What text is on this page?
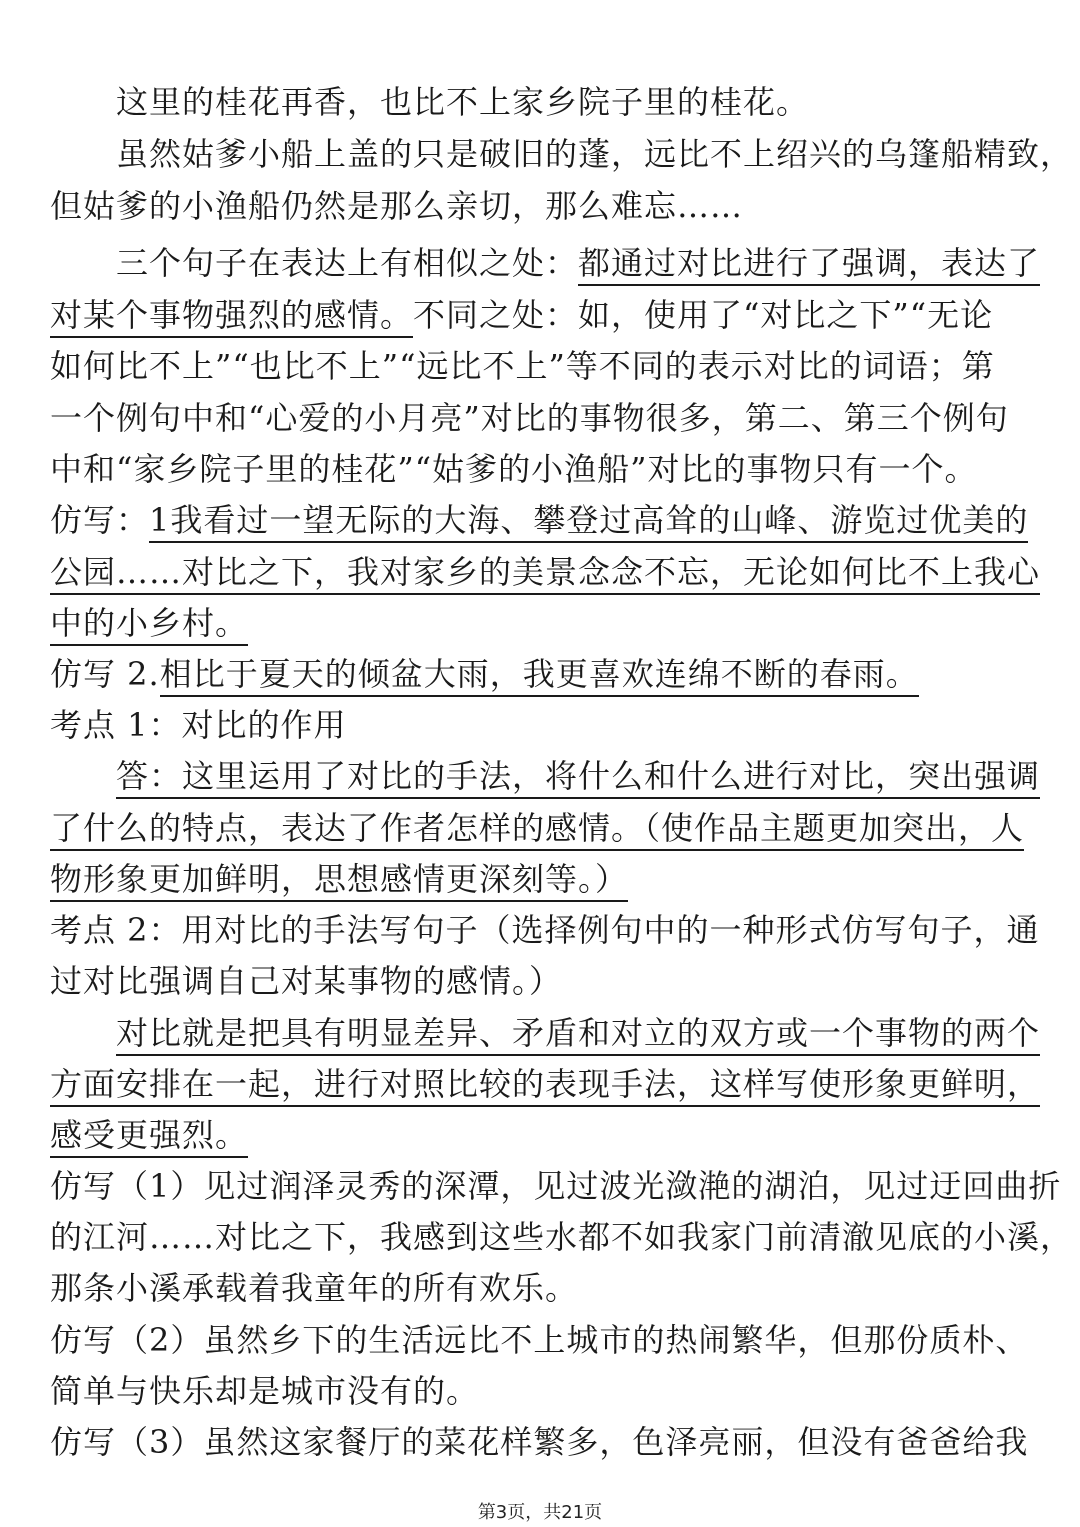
这里的桂花再香，也比不上家乡院子里的桂花。
虽然姑爹小船上盖的只是破旧的蓬，远比不上绍兴的乌篷船精致，
但姑爹的小渔船仍然是那么亲切，那么难忘……
三个句子在表达上有相似之处：都通过对比进行了强调，表达了
对某个事物强烈的感情。不同之处：如，使用了“对比之下”“无论
如何比不上”“也比不上”“远比不上”等不同的表示对比的词语；第
一个例句中和“心爱的小月亮”对比的事物很多，第二、第三个例句
中和“家乡院子里的桂花”“姑爹的小渔船”对比的事物只有一个。
仿写：1我看过一望无际的大海、攀登过高耸的山峰、游览过优美的
公园……对比之下，我对家乡的美景念念不忘，无论如何比不上我心
中的小乡村。
仿写 2.相比于夏天的倾盆大雨，我更喜欢连绵不断的春雨。
考点 1：对比的作用
答：这里运用了对比的手法，将什么和什么进行对比，突出强调
了什么的特点，表达了作者怎样的感情。（使作品主题更加突出，人
物形象更加鲜明，思想感情更深刻等。）
考点 2：用对比的手法写句子（选择例句中的一种形式仿写句子，通
过对比强调自己对某事物的感情。）
对比就是把具有明显差异、矛盾和对立的双方或一个事物的两个
方面安排在一起，进行对照比较的表现手法，这样写使形象更鲜明，
感受更强烈。
仿写（1）见过润泽灵秀的深潭，见过波光潋滟的湖泊，见过迂回曲折
的江河……对比之下，我感到这些水都不如我家门前清澈见底的小溪，
那条小溪承载着我童年的所有欢乐。
仿写（2）虽然乡下的生活远比不上城市的热闹繁华，但那份质朴、
简单与快乐却是城市没有的。
仿写（3）虽然这家餐厅的菜花样繁多，色泽亮丽，但没有爸爸给我
第3页，共21页
